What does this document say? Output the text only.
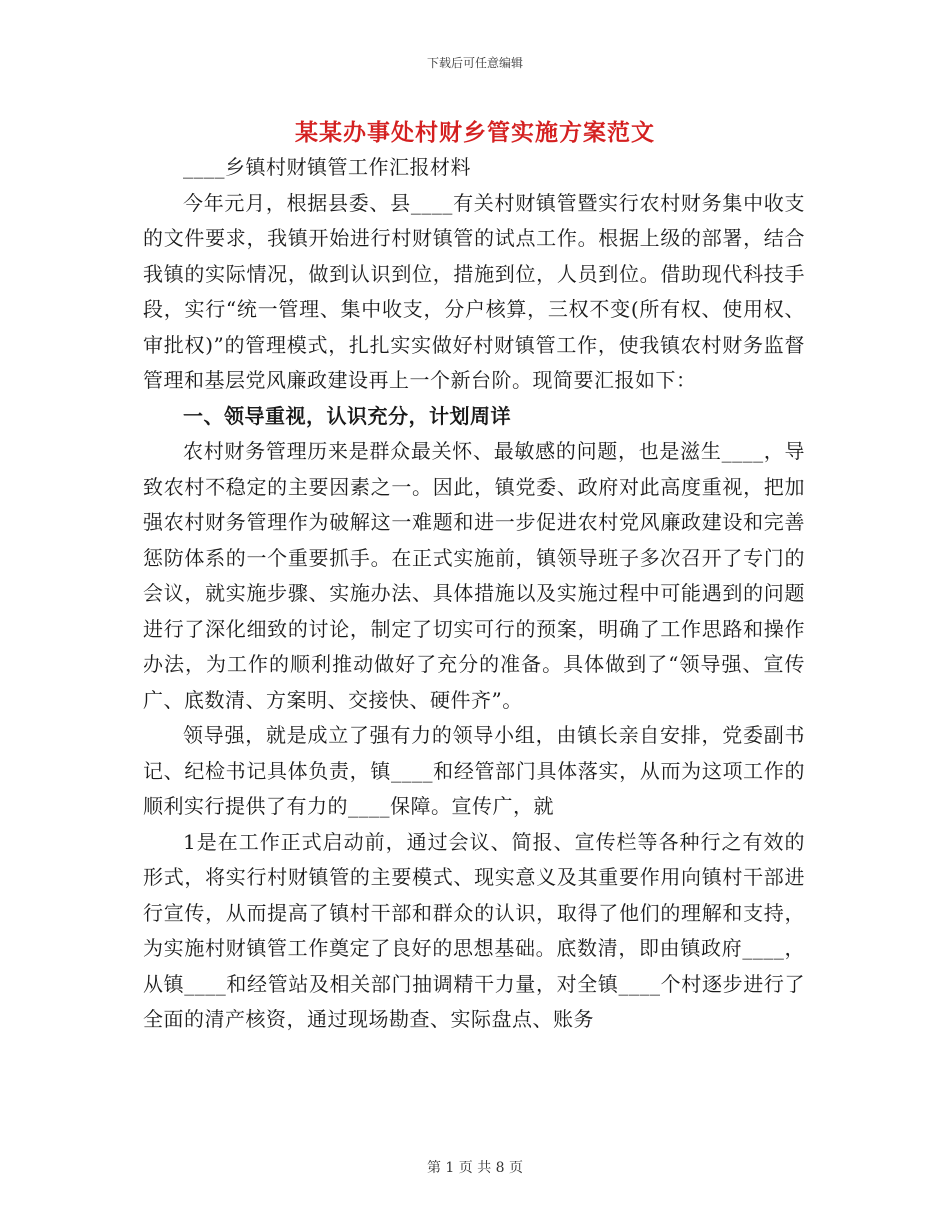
下载后可任意编辑
某某办事处村财乡管实施方案范文

____乡镇村财镇管工作汇报材料

今年元月，根据县委、县____有关村财镇管暨实行农村财务集中收支的文件要求，我镇开始进行村财镇管的试点工作。根据上级的部署，结合我镇的实际情况，做到认识到位，措施到位，人员到位。借助现代科技手段，实行“统一管理、集中收支，分户核算，三权不变(所有权、使用权、审批权)”的管理模式，扎扎实实做好村财镇管工作，使我镇农村财务监督管理和基层党风廉政建设再上一个新台阶。现简要汇报如下：

一、领导重视，认识充分，计划周详

农村财务管理历来是群众最关怀、最敏感的问题，也是滋生____，导致农村不稳定的主要因素之一。因此，镇党委、政府对此高度重视，把加强农村财务管理作为破解这一难题和进一步促进农村党风廉政建设和完善惩防体系的一个重要抓手。在正式实施前，镇领导班子多次召开了专门的会议，就实施步骤、实施办法、具体措施以及实施过程中可能遇到的问题进行了深化细致的讨论，制定了切实可行的预案，明确了工作思路和操作办法，为工作的顺利推动做好了充分的准备。具体做到了“领导强、宣传广、底数清、方案明、交接快、硬件齐”。

领导强，就是成立了强有力的领导小组，由镇长亲自安排，党委副书记、纪检书记具体负责，镇____和经管部门具体落实，从而为这项工作的顺利实行提供了有力的____保障。宣传广，就

1是在工作正式启动前，通过会议、简报、宣传栏等各种行之有效的形式，将实行村财镇管的主要模式、现实意义及其重要作用向镇村干部进行宣传，从而提高了镇村干部和群众的认识，取得了他们的理解和支持，为实施村财镇管工作奠定了良好的思想基础。底数清，即由镇政府____，从镇____和经管站及相关部门抽调精干力量，对全镇____个村逐步进行了全面的清产核资，通过现场勘查、实际盘点、账务

第 1 页 共 8 页
